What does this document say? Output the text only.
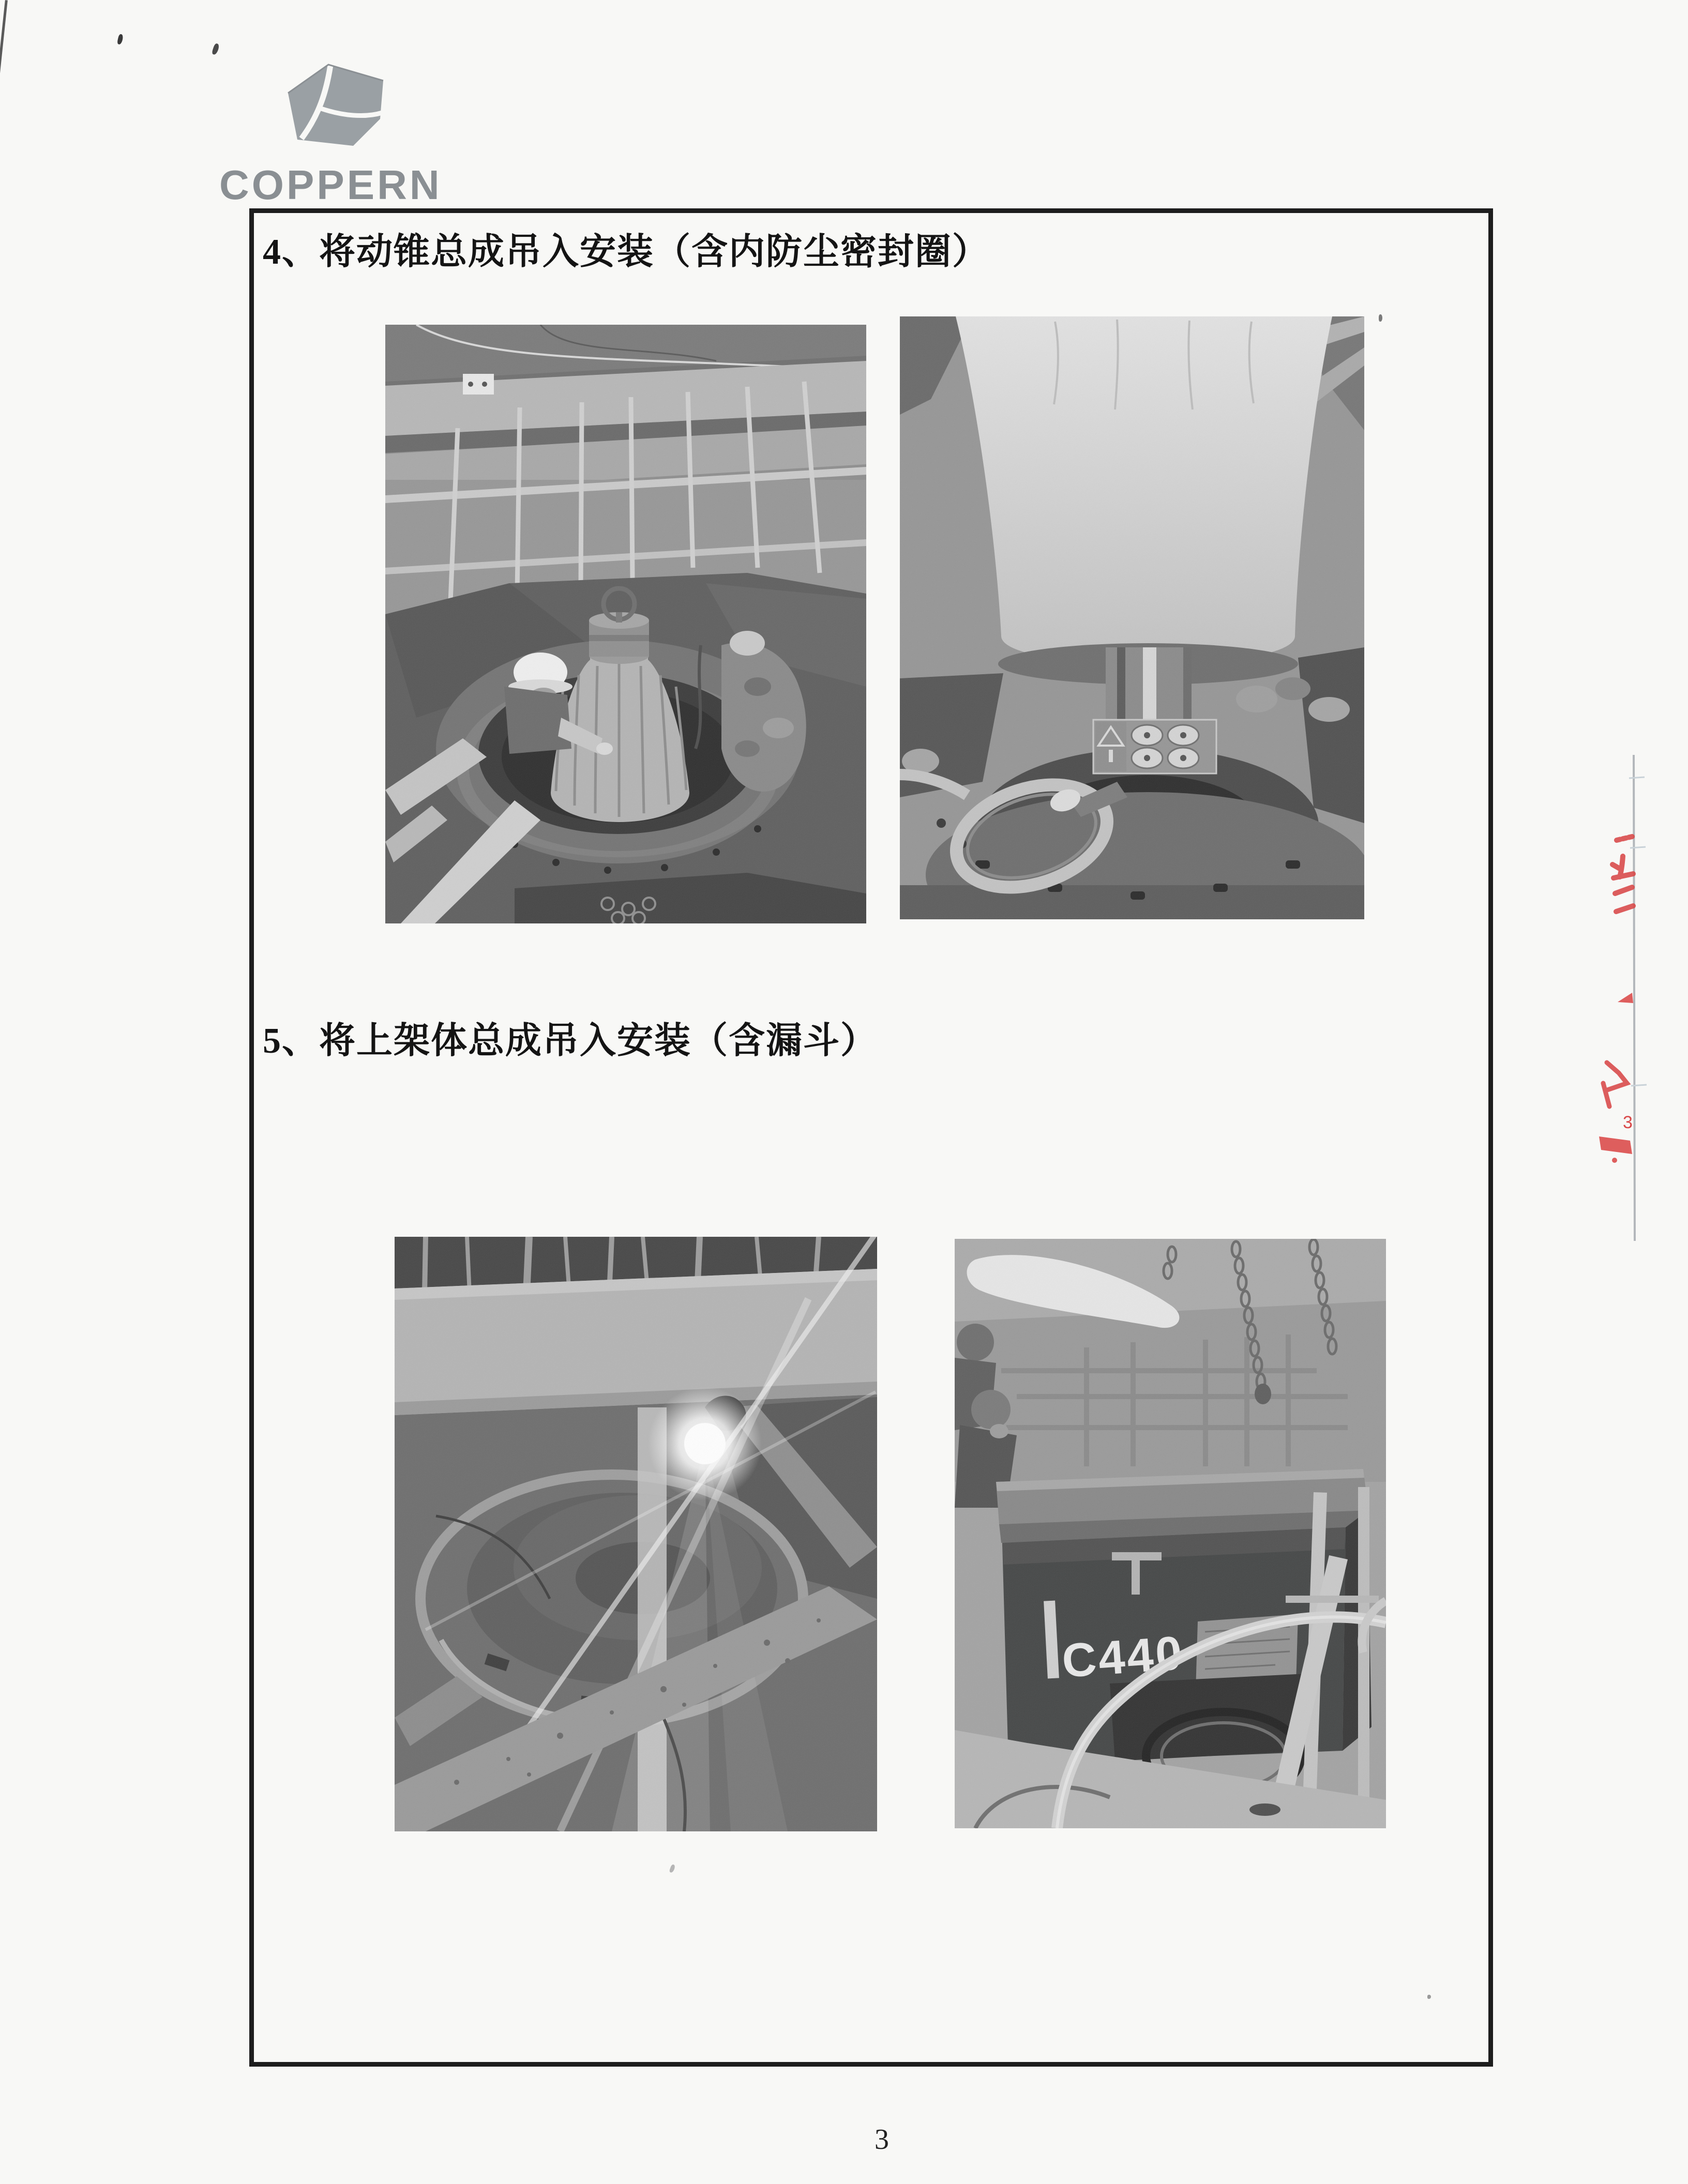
COPPERN
4、将动锥总成吊入安装（含内防尘密封圈）
5、将上架体总成吊入安装（含漏斗）
C440
3
3
